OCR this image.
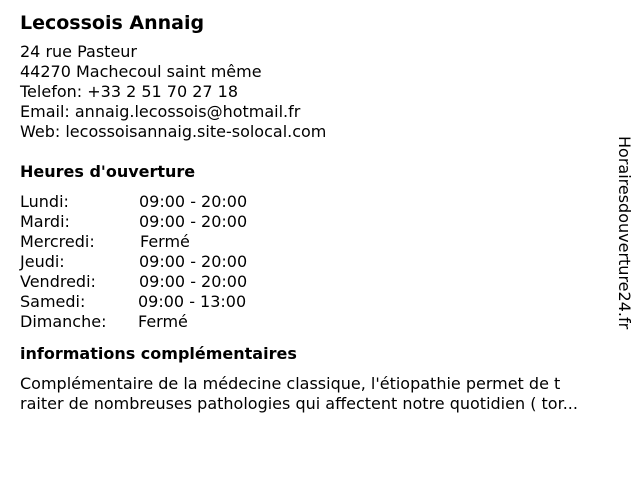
Lecossois Annaig
24 rue Pasteur
44270 Machecoul saint même
Telefon: +33 2 51 70 27 18
Email: annaig.lecossois@hotmail.fr
Web: lecossoisannaig.site-solocal.com
Heures d'ouverture
Lundi:	09:00 - 20:00
Mardi:	09:00 - 20:00
Mercredi:	Fermé
Jeudi:	09:00 - 20:00
Vendredi:	09:00 - 20:00
Samedi:	09:00 - 13:00
Dimanche: Fermé
informations complémentaires
Complémentaire de la médecine classique, l'étiopathie permet de t
raiter de nombreuses pathologies qui affectent notre quotidien ( tor...
Horairesdouverture24.fr
